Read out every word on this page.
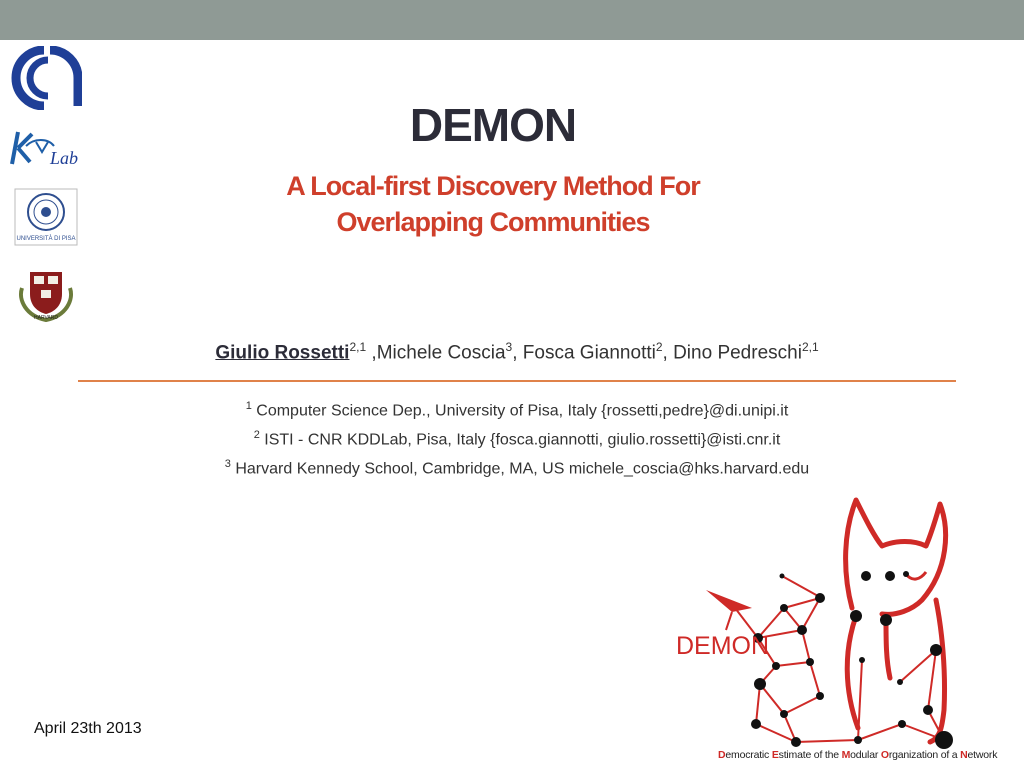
Lab
UNIVERSITÀ DI PISA
HARVARD
DEMON
A Local-first Discovery Method For
Overlapping Communities
Giulio Rossetti$^{2,1}$ ,Michele Coscia$^3$, Fosca Giannotti$^2$, Dino Pedreschi$^{2,1}$
$^1$ Computer Science Dep., University of Pisa, Italy {rossetti,pedre}@di.unipi.it
$^2$ ISTI - CNR KDDLab, Pisa, Italy {fosca.giannotti, giulio.rossetti}@isti.cnr.it
$^3$ Harvard Kennedy School, Cambridge, MA, US michele_coscia@hks.harvard.edu
April 23th 2013
DEMON
Democratic Estimate of the Modular Organization of a Network
